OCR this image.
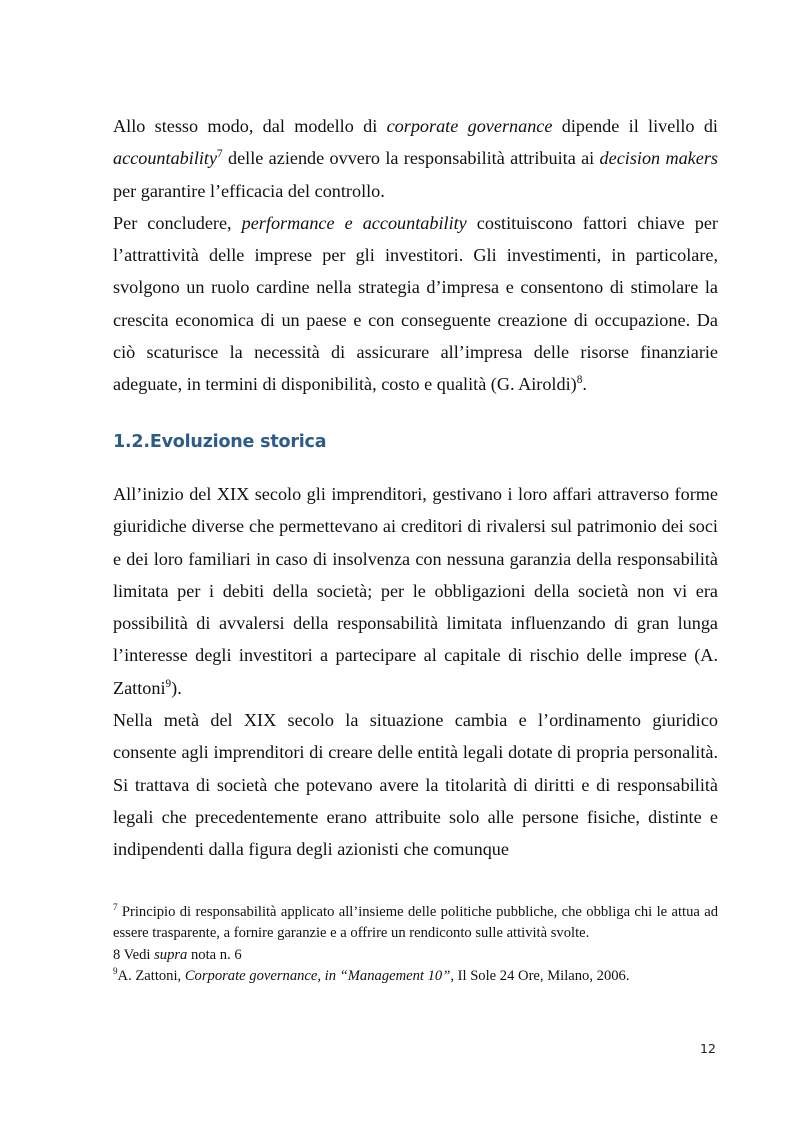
Allo stesso modo, dal modello di corporate governance dipende il livello di accountability$^7$ delle aziende ovvero la responsabilità attribuita ai decision makers per garantire l’efficacia del controllo.

Per concludere, performance e accountability costituiscono fattori chiave per l’attrattività delle imprese per gli investitori. Gli investimenti, in particolare, svolgono un ruolo cardine nella strategia d’impresa e consentono di stimolare la crescita economica di un paese e con conseguente creazione di occupazione. Da ciò scaturisce la necessità di assicurare all’impresa delle risorse finanziarie adeguate, in termini di disponibilità, costo e qualità (G. Airoldi)$^8$.

1.2.Evoluzione storica

All’inizio del XIX secolo gli imprenditori, gestivano i loro affari attraverso forme giuridiche diverse che permettevano ai creditori di rivalersi sul patrimonio dei soci e dei loro familiari in caso di insolvenza con nessuna garanzia della responsabilità limitata per i debiti della società; per le obbligazioni della società non vi era possibilità di avvalersi della responsabilità limitata influenzando di gran lunga l’interesse degli investitori a partecipare al capitale di rischio delle imprese (A. Zattoni$^9$).

Nella metà del XIX secolo la situazione cambia e l’ordinamento giuridico consente agli imprenditori di creare delle entità legali dotate di propria personalità. Si trattava di società che potevano avere la titolarità di diritti e di responsabilità legali che precedentemente erano attribuite solo alle persone fisiche, distinte e indipendenti dalla figura degli azionisti che comunque

$^7$ Principio di responsabilità applicato all’insieme delle politiche pubbliche, che obbliga chi le attua ad essere trasparente, a fornire garanzie e a offrire un rendiconto sulle attività svolte.

8 Vedi supra nota n. 6

$^9$A. Zattoni, Corporate governance, in “Management 10”, Il Sole 24 Ore, Milano, 2006.

12
